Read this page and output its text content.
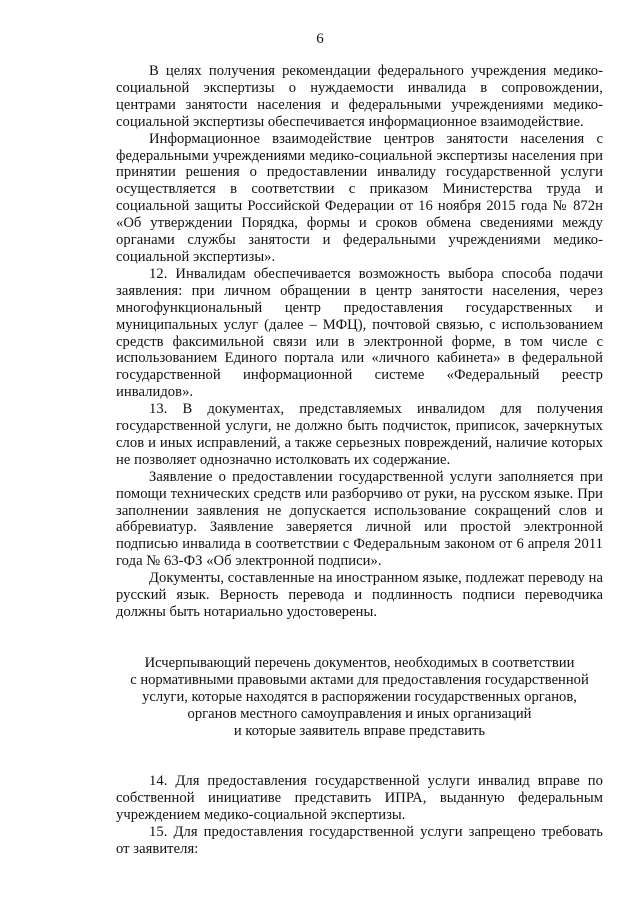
6

В целях получения рекомендации федерального учреждения медико-социальной экспертизы о нуждаемости инвалида в сопровождении, центрами занятости населения и федеральными учреждениями медико-социальной экспертизы обеспечивается информационное взаимодействие.

Информационное взаимодействие центров занятости населения с федеральными учреждениями медико-социальной экспертизы населения при принятии решения о предоставлении инвалиду государственной услуги осуществляется в соответствии с приказом Министерства труда и социальной защиты Российской Федерации от 16 ноября 2015 года № 872н «Об утверждении Порядка, формы и сроков обмена сведениями между органами службы занятости и федеральными учреждениями медико-социальной экспертизы».

12. Инвалидам обеспечивается возможность выбора способа подачи заявления: при личном обращении в центр занятости населения, через многофункциональный центр предоставления государственных и муниципальных услуг (далее – МФЦ), почтовой связью, с использованием средств факсимильной связи или в электронной форме, в том числе с использованием Единого портала или «личного кабинета» в федеральной государственной информационной системе «Федеральный реестр инвалидов».

13. В документах, представляемых инвалидом для получения государственной услуги, не должно быть подчисток, приписок, зачеркнутых слов и иных исправлений, а также серьезных повреждений, наличие которых не позволяет однозначно истолковать их содержание.

Заявление о предоставлении государственной услуги заполняется при помощи технических средств или разборчиво от руки, на русском языке. При заполнении заявления не допускается использование сокращений слов и аббревиатур. Заявление заверяется личной или простой электронной подписью инвалида в соответствии с Федеральным законом от 6 апреля 2011 года № 63-ФЗ «Об электронной подписи».

Документы, составленные на иностранном языке, подлежат переводу на русский язык. Верность перевода и подлинность подписи переводчика должны быть нотариально удостоверены.

Исчерпывающий перечень документов, необходимых в соответствии
с нормативными правовыми актами для предоставления государственной
услуги, которые находятся в распоряжении государственных органов,
органов местного самоуправления и иных организаций
и которые заявитель вправе представить

14. Для предоставления государственной услуги инвалид вправе по собственной инициативе представить ИПРА, выданную федеральным учреждением медико-социальной экспертизы.

15. Для предоставления государственной услуги запрещено требовать от заявителя:
